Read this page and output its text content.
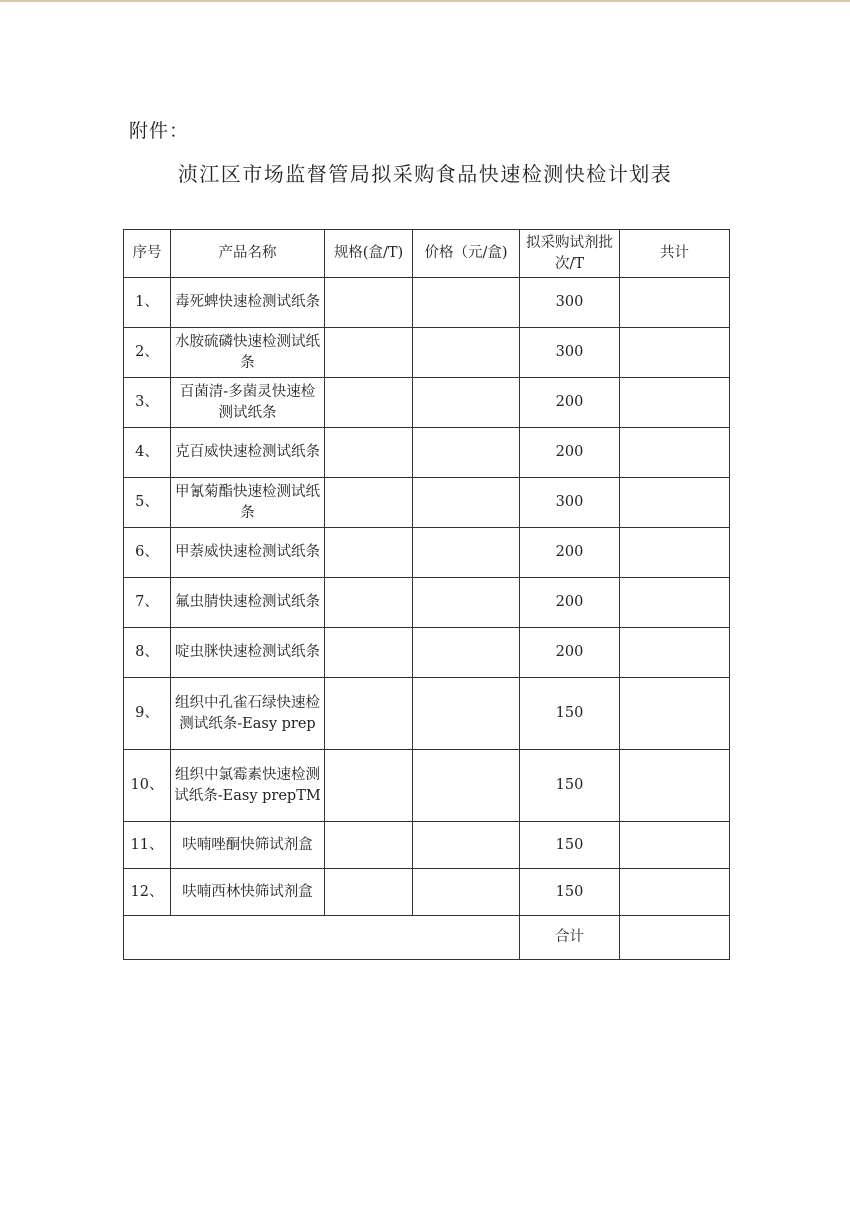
附件：
浈江区市场监督管局拟采购食品快速检测快检计划表
序号	产品名称	规格(盒/T)	价格（元/盒)	拟采购试剂批次/T	共计
1、	毒死蜱快速检测试纸条			300	
2、	水胺硫磷快速检测试纸条			300	
3、	百菌清-多菌灵快速检测试纸条			200	
4、	克百威快速检测试纸条			200	
5、	甲氰菊酯快速检测试纸条			300	
6、	甲萘威快速检测试纸条			200	
7、	氟虫腈快速检测试纸条			200	
8、	啶虫脒快速检测试纸条			200	
9、	组织中孔雀石绿快速检测试纸条-Easy prep			150	
10、	组织中氯霉素快速检测试纸条-Easy prepTM			150	
11、	呋喃唑酮快筛试剂盒			150	
12、	呋喃西林快筛试剂盒			150	
				合计	
